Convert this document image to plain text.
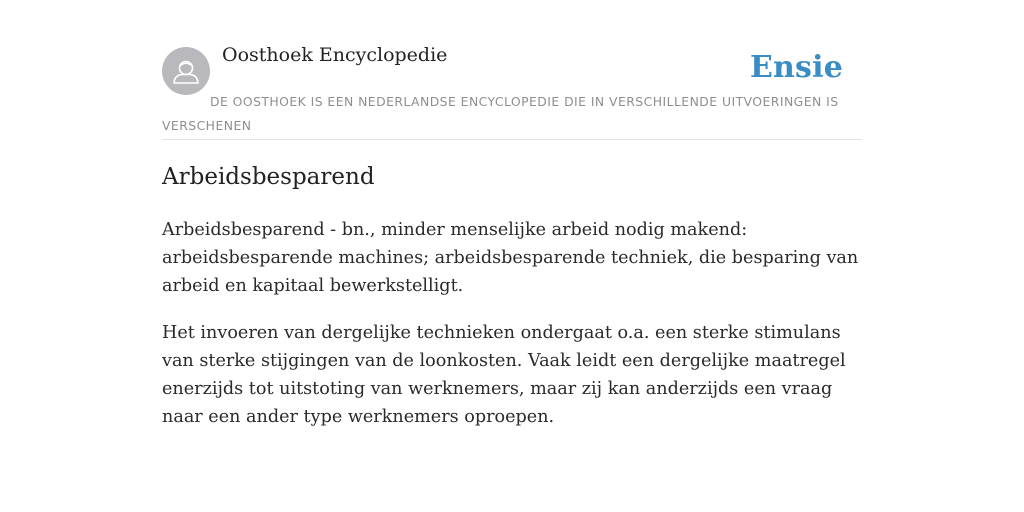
Oosthoek Encyclopedie	Ensie
DE OOSTHOEK IS EEN NEDERLANDSE ENCYCLOPEDIE DIE IN VERSCHILLENDE UITVOERINGEN IS VERSCHENEN
Arbeidsbesparend

Arbeidsbesparend - bn., minder menselijke arbeid nodig makend: arbeidsbesparende machines; arbeidsbesparende techniek, die besparing van arbeid en kapitaal bewerkstelligt.

Het invoeren van dergelijke technieken ondergaat o.a. een sterke stimulans van sterke stijgingen van de loonkosten. Vaak leidt een dergelijke maatregel enerzijds tot uitstoting van werknemers, maar zij kan anderzijds een vraag naar een ander type werknemers oproepen.
